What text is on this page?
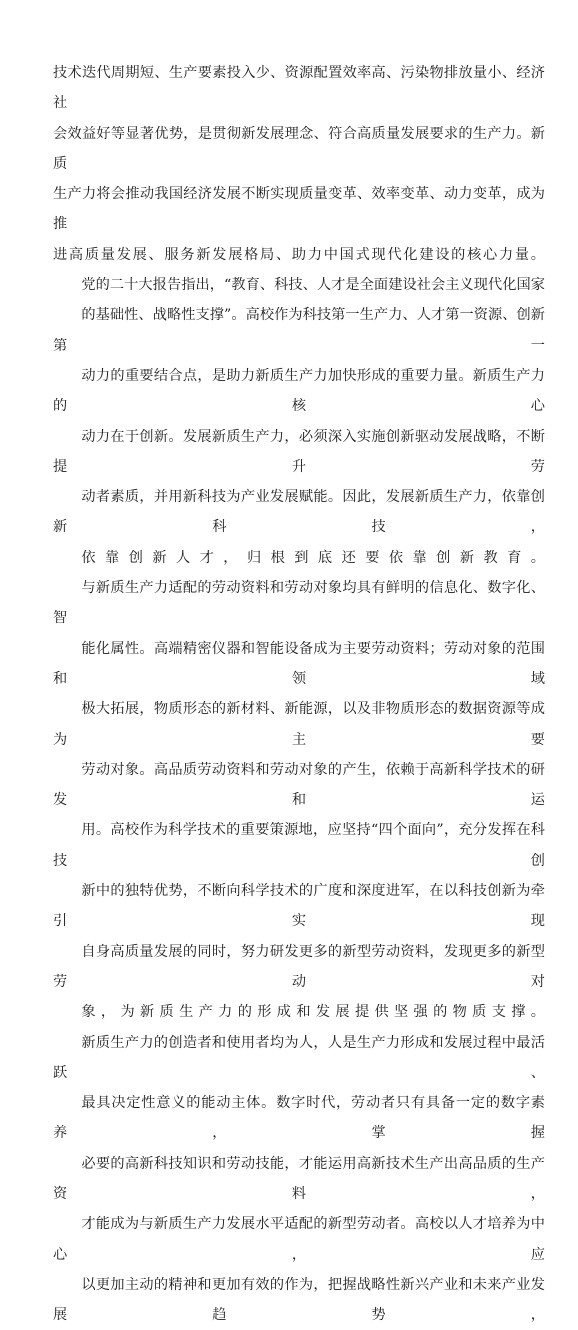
技术迭代周期短、生产要素投入少、资源配置效率高、污染物排放量小、经济社
会效益好等显著优势，是贯彻新发展理念、符合高质量发展要求的生产力。新质
生产力将会推动我国经济发展不断实现质量变革、效率变革、动力变革，成为推
进高质量发展、服务新发展格局、助力中国式现代化建设的核心力量。

党的二十大报告指出，“教育、科技、人才是全面建设社会主义现代化国家
的基础性、战略性支撑”。高校作为科技第一生产力、人才第一资源、创新第一
动力的重要结合点，是助力新质生产力加快形成的重要力量。新质生产力的核心
动力在于创新。发展新质生产力，必须深入实施创新驱动发展战略，不断提升劳
动者素质，并用新科技为产业发展赋能。因此，发展新质生产力，依靠创新科技，
依靠创新人才，归根到底还要依靠创新教育。

与新质生产力适配的劳动资料和劳动对象均具有鲜明的信息化、数字化、智
能化属性。高端精密仪器和智能设备成为主要劳动资料；劳动对象的范围和领域
极大拓展，物质形态的新材料、新能源，以及非物质形态的数据资源等成为主要
劳动对象。高品质劳动资料和劳动对象的产生，依赖于高新科学技术的研发和运
用。高校作为科学技术的重要策源地，应坚持“四个面向”，充分发挥在科技创
新中的独特优势，不断向科学技术的广度和深度进军，在以科技创新为牵引实现
自身高质量发展的同时，努力研发更多的新型劳动资料，发现更多的新型劳动对
象，为新质生产力的形成和发展提供坚强的物质支撑。

新质生产力的创造者和使用者均为人，人是生产力形成和发展过程中最活跃、
最具决定性意义的能动主体。数字时代，劳动者只有具备一定的数字素养，掌握
必要的高新科技知识和劳动技能，才能运用高新技术生产出高品质的生产资料，
才能成为与新质生产力发展水平适配的新型劳动者。高校以人才培养为中心，应
以更加主动的精神和更加有效的作为，把握战略性新兴产业和未来产业发展趋势，
